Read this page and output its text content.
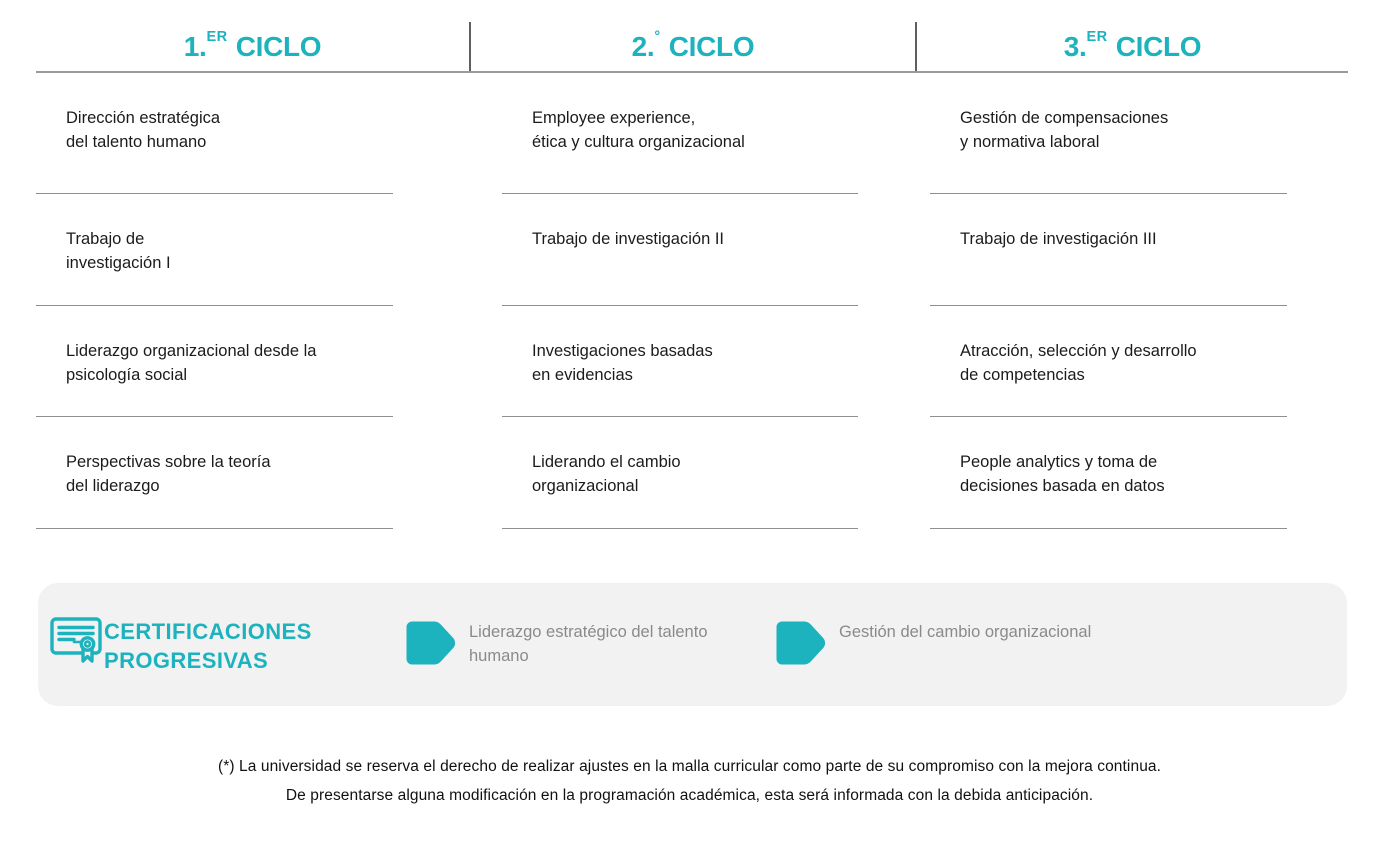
1. ER CICLO	2. ° CICLO	3. ER CICLO
Dirección estratégica
del talento humano
Trabajo de
investigación I
Liderazgo organizacional desde la
psicología social
Perspectivas sobre la teoría
del liderazgo
Employee experience,
ética y cultura organizacional
Trabajo de investigación II
Investigaciones basadas
en evidencias
Liderando el cambio
organizacional
Gestión de compensaciones
y normativa laboral
Trabajo de investigación III
Atracción, selección y desarrollo
de competencias
People analytics y toma de
decisiones basada en datos
CERTIFICACIONES
PROGRESIVAS
Liderazgo estratégico del talento
humano
Gestión del cambio organizacional
(*) La universidad se reserva el derecho de realizar ajustes en la malla curricular como parte de su compromiso con la mejora continua.
De presentarse alguna modificación en la programación académica, esta será informada con la debida anticipación.
